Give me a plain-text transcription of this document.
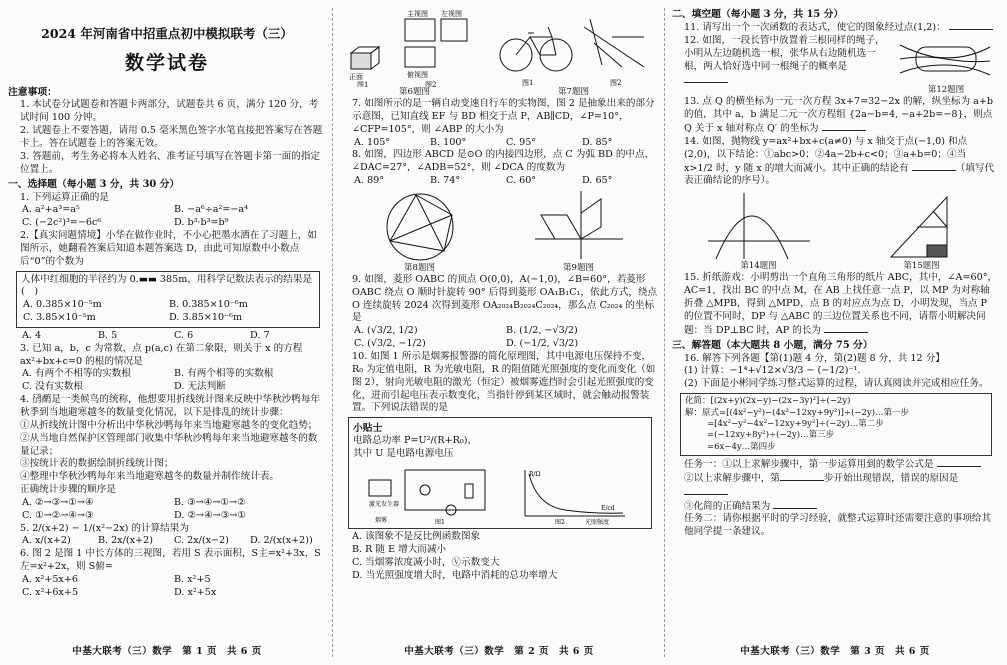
2024 年河南省中招重点初中模拟联考（三）
数学试卷
注意事项：
1. 本试卷分试题卷和答题卡两部分，试题卷共 6 页，满分 120 分，考试时间 100 分钟。
2. 试题卷上不要答题，请用 0.5 毫米黑色签字水笔直接把答案写在答题卡上。答在试题卷上的答案无效。
3. 答题前，考生务必将本人姓名、准考证号填写在答题卡第一面的指定位置上。
一、选择题（每小题 3 分，共 30 分）
1. 下列运算正确的是
A. a²+a³=a⁵	B. −a⁶÷a²=−a⁴
C. (−2c²)³=−6c⁶	D. b³·b³=b⁹
2.【真实问题情境】小华在做作业时，不小心把墨水洒在了习题上，如图所示，她翻看答案后知道本题答案选 D，由此可知原数中小数点后“0”的个数为
人体中红细胞的半径约为 0.▬▬ 385m，用科学记数法表示的结果是(　)
A. 0.385×10⁻⁵m	B. 0.385×10⁻⁶m
C. 3.85×10⁻⁵m	D. 3.85×10⁻⁶m
A. 4	B. 5	C. 6	D. 7
3. 已知 a，b，c 为常数，点 p(a,c) 在第二象限，则关于 x 的方程 ax²+bx+c=0 的根的情况是
A. 有两个不相等的实数根	B. 有两个相等的实数根
C. 没有实数根	D. 无法判断
4. 鸻鹬是一类候鸟的统称，他想要用折线统计图来反映中华秋沙鸭每年秋季到当地避寒越冬的数量变化情况，以下是排乱的统计步骤：
①从折线统计图中分析出中华秋沙鸭每年来当地避寒越冬的变化趋势；
②从当地自然保护区管理部门收集中华秋沙鸭每年来当地避寒越冬的数量记录；
③按统计表的数据绘制折线统计图；
④整理中华秋沙鸭每年来当地避寒越冬的数量并制作统计表。
正确统计步骤的顺序是
A. ②→③→①→④	B. ③→④→①→②
C. ①→②→④→③	D. ②→④→③→①
5. 2/(x+2) − 1/(x²−2x) 的计算结果为
A. x/(x+2)	B. 2x/(x+2)	C. 2x/(x−2)	D. 2/(x(x+2))
6. 图 2 是图 1 中长方体的三视图，若用 S 表示面积，S主=x²+3x，S左=x²+2x，则 S俯=
A. x²+5x+6	B. x²+5
C. x²+6x+5	D. x²+5x
中基大联考（三）数学　第 1 页　共 6 页
正面
主视图 左视图
俯视图
图1	图2
第6题图
图1	图2
第7题图
7. 如图所示的是一辆自动变速自行车的实物图，图 2 是抽象出来的部分示意图，已知直线 EF 与 BD 相交于点 P，AB∥CD，∠P=10°，∠CFP=105°，则 ∠ABP 的大小为
A. 105°	B. 100°	C. 95°	D. 85°
8. 如图，四边形 ABCD 是⊙O 的内接四边形，点 C 为弧 BD 的中点，∠DAC=27°，∠ADB=52°，则 ∠DCA 的度数为
A. 89°	B. 74°	C. 60°	D. 65°
第8题图	第9题图
9. 如图，菱形 OABC 的顶点 O(0,0)，A(−1,0)，∠B=60°，若菱形 OABC 绕点 O 顺时针旋转 90° 后得到菱形 OA₁B₁C₁，依此方式，绕点 O 连续旋转 2024 次得到菱形 OA₂₀₂₄B₂₀₂₄C₂₀₂₄，那么点 C₂₀₂₄ 的坐标是
A. (√3/2, 1/2)	B. (1/2, −√3/2)
C. (√3/2, −1/2)	D. (−1/2, √3/2)
10. 如图 1 所示是烟雾报警器的简化原理图，其中电源电压保持不变，R₀ 为定值电阻，R 为光敏电阻，R 的阻值随光照强度的变化而变化（如图 2），射向光敏电阻的激光（恒定）被烟雾遮挡时会引起光照强度的变化，进而引起电压表示数变化，当指针停到某区域时，就会触动报警装置。下列说法错误的是
小贴士
电路总功率 P=U²/(R+R₀)，
其中 U 是电路电源电压
激光发生器
烟雾
R/Ω
E/cd
光照强度
图1	图2
A. 该图象不是反比例函数图象
B. R 随 E 增大而减小
C. 当烟雾浓度减小时，Ⓥ示数变大
D. 当光照强度增大时，电路中消耗的总功率增大
中基大联考（三）数学　第 2 页　共 6 页
二、填空题（每小题 3 分，共 15 分）
11. 请写出一个一次函数的表达式，使它的图象经过点(1,2)：
12. 如图，一段长管中放置着三根同样的绳子，小明从左边随机选一根，张华从右边随机选一根，两人恰好选中同一根绳子的概率是
第12题图
13. 点 Q 的横坐标为一元一次方程 3x+7=32−2x 的解，纵坐标为 a+b 的值，其中 a，b 满足二元一次方程组 {2a−b=4, −a+2b=−8}，则点 Q 关于 x 轴对称点 Q′ 的坐标为
14. 如图，抛物线 y=ax²+bx+c(a≠0) 与 x 轴交于点(−1,0) 和点(2,0)，以下结论：①abc>0；②4a−2b+c<0；③a+b=0；④当 x>1/2 时，y 随 x 的增大而减小。其中正确的结论有	（填写代表正确结论的序号）。
第14题图	第15题图
15. 折纸游戏：小明剪出一个直角三角形的纸片 ABC，其中，∠A=60°，AC=1，找出 BC 的中点 M，在 AB 上找任意一点 P，以 MP 为对称轴折叠 △MPB，得到 △MPD，点 B 的对应点为点 D，小明发现，当点 P 的位置不同时，DP 与 △ABC 的三边位置关系也不同，请帮小明解决问题：当 DP⊥BC 时，AP 的长为
三、解答题（本大题共 8 小题，满分 75 分）
16. 解答下列各题【第(1)题 4 分，第(2)题 8 分，共 12 分】
(1) 计算：−1⁴+√12×√3/3 − (−1/2)⁻¹.
(2) 下面是小彬同学练习整式运算的过程，请认真阅读并完成相应任务。
化简：[(2x+y)(2x−y)−(2x−3y)²]÷(−2y)
解：原式=[(4x²−y²)−(4x²−12xy+9y²)]÷(−2y)…第一步
=[4x²−y²−4x²−12xy+9y²]÷(−2y)…第二步
=(−12xy+8y²)÷(−2y)…第三步
=6x−4y…第四步
任务一：①以上求解步骤中，第一步运算用到的数学公式是
②以上求解步骤中，第	步开始出现错误，错误的原因是
③化简的正确结果为
任务二：请你根据平时的学习经验，就整式运算时还需要注意的事项给其他同学提一条建议。
中基大联考（三）数学　第 3 页　共 6 页
